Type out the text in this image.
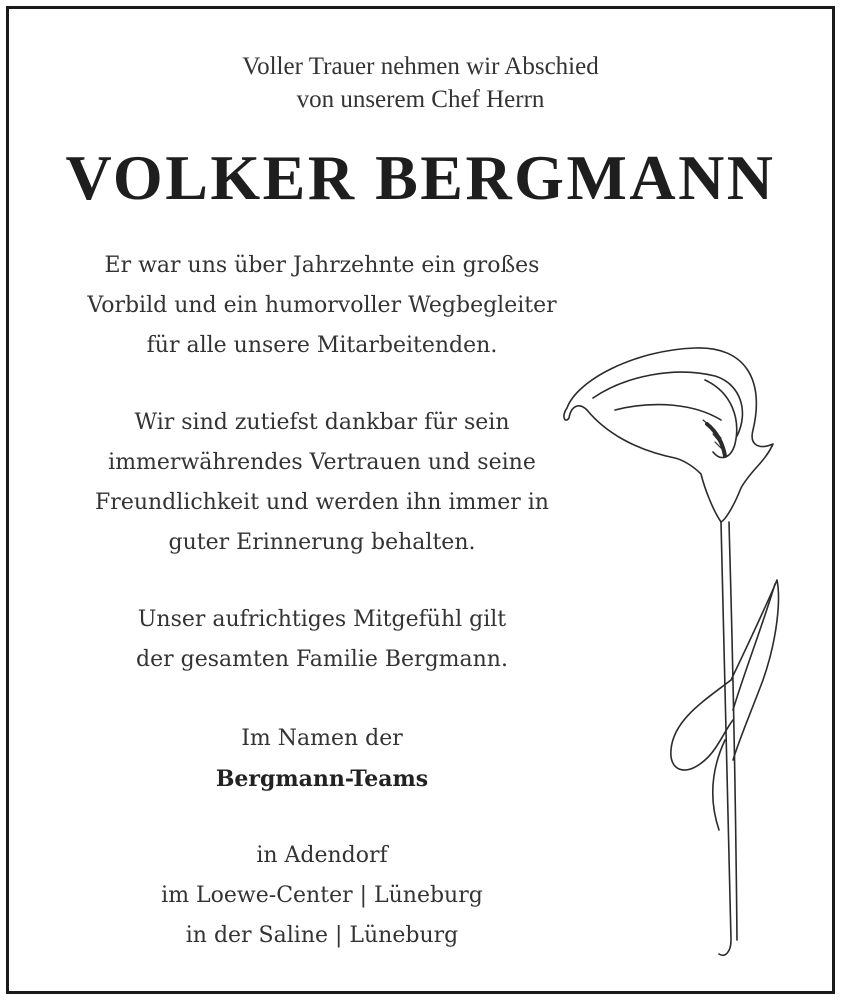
Voller Trauer nehmen wir Abschied
von unserem Chef Herrn
VOLKER BERGMANN
Er war uns über Jahrzehnte ein großes
Vorbild und ein humorvoller Wegbegleiter
für alle unsere Mitarbeitenden.
Wir sind zutiefst dankbar für sein
immerwährendes Vertrauen und seine
Freundlichkeit und werden ihn immer in
guter Erinnerung behalten.
Unser aufrichtiges Mitgefühl gilt
der gesamten Familie Bergmann.
Im Namen der
Bergmann-Teams
in Adendorf
im Loewe-Center | Lüneburg
in der Saline | Lüneburg
